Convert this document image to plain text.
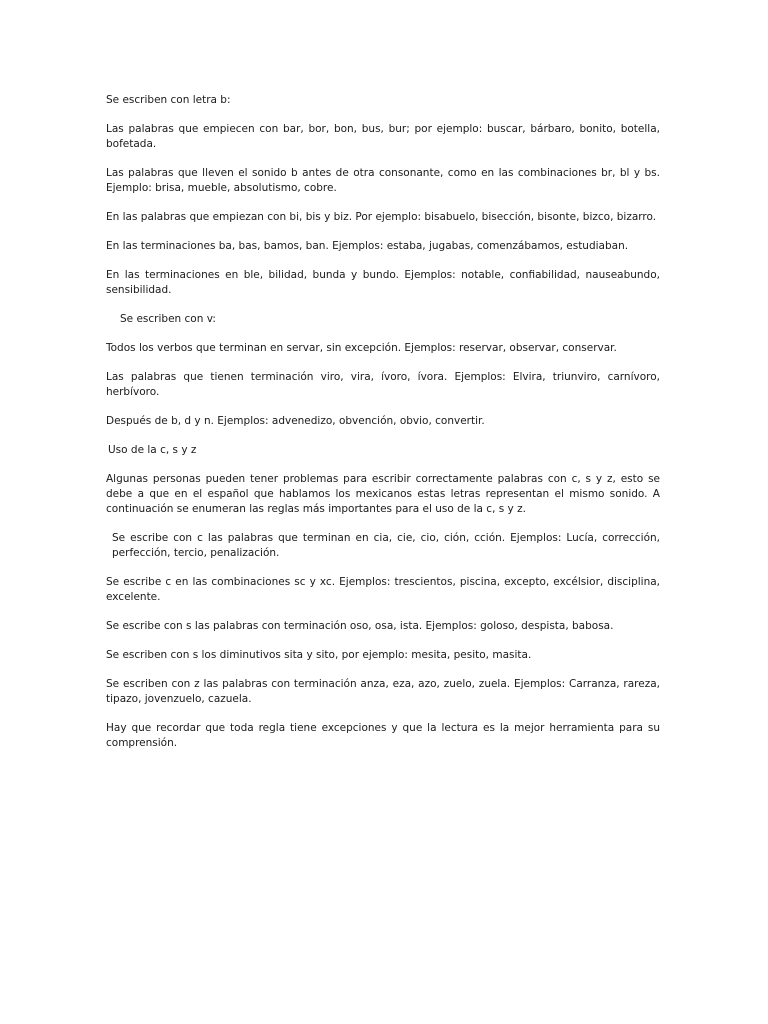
Se escriben con letra b:

Las palabras que empiecen con bar, bor, bon, bus, bur; por ejemplo: buscar, bárbaro, bonito, botella, bofetada.

Las palabras que lleven el sonido b antes de otra consonante, como en las combinaciones br, bl y bs. Ejemplo: brisa, mueble, absolutismo, cobre.

En las palabras que empiezan con bi, bis y biz. Por ejemplo: bisabuelo, bisección, bisonte, bizco, bizarro.

En las terminaciones ba, bas, bamos, ban. Ejemplos: estaba, jugabas, comenzábamos, estudiaban.

En las terminaciones en ble, bilidad, bunda y bundo. Ejemplos: notable, confiabilidad, nauseabundo, sensibilidad.

Se escriben con v:

Todos los verbos que terminan en servar, sin excepción. Ejemplos: reservar, observar, conservar.

Las palabras que tienen terminación viro, vira, ívoro, ívora. Ejemplos: Elvira, triunviro, carnívoro, herbívoro.

Después de b, d y n. Ejemplos: advenedizo, obvención, obvio, convertir.

Uso de la c, s y z

Algunas personas pueden tener problemas para escribir correctamente palabras con c, s y z, esto se debe a que en el español que hablamos los mexicanos estas letras representan el mismo sonido. A continuación se enumeran las reglas más importantes para el uso de la c, s y z.

Se escribe con c las palabras que terminan en cia, cie, cio, ción, cción. Ejemplos: Lucía, corrección, perfección, tercio, penalización.

Se escribe c en las combinaciones sc y xc. Ejemplos: trescientos, piscina, excepto, excélsior, disciplina, excelente.

Se escribe con s las palabras con terminación oso, osa, ista. Ejemplos: goloso, despista, babosa.

Se escriben con s los diminutivos sita y sito, por ejemplo: mesita, pesito, masita.

Se escriben con z las palabras con terminación anza, eza, azo, zuelo, zuela. Ejemplos: Carranza, rareza, tipazo, jovenzuelo, cazuela.

Hay que recordar que toda regla tiene excepciones y que la lectura es la mejor herramienta para su comprensión.
